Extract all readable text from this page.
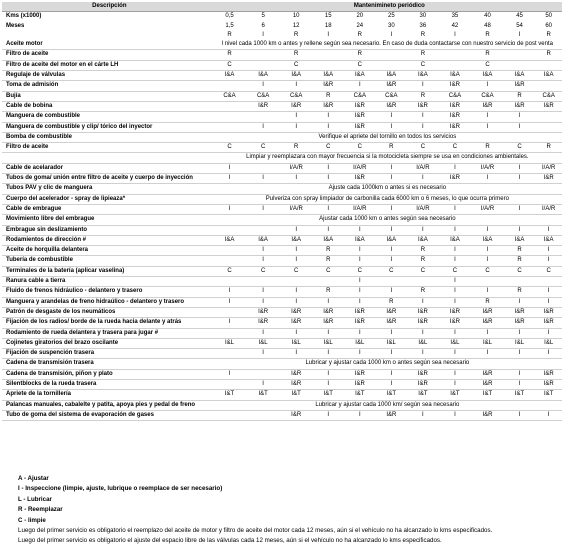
Descripción	Mantenimineto periódico										
Kms (x1000)	0,5	5	10	15	20	25	30	35	40	45	50
Meses	1,5	6	12	18	24	30	36	42	48	54	60
	R	I	R	I	R	I	R	I	R	I	R
Aceite motor	l nivel cada 1000 km o antes y rellene según sea necesario. En caso de duda contactarse con nuestro servicio de post venta										
Filtro de aceite	R		R		R		R		R		R
Filtro de aceite del motor en el cárte LH	C		C		C		C		C		
Regulaje de válvulas	I&A	I&A	I&A	I&A	I&A	I&A	I&A	I&A	I&A	I&A	I&A
Toma de admisión		I	I	I&R	I	I&R	I	I&R	I	I&R	
Bujía	C&A	C&A	C&A	R	C&A	C&A	R	C&A	C&A	R	C&A
Cable de bobina		I&R	I&R	I&R	I&R	I&R	I&R	I&R	I&R	I&R	I&R
Manguera de combustible			I	I	I&R	I	I	I&R	I	I	
Manguera de combustible y clip/ tórico del inyector		I	I	I	I&R	I	I	I&R	I	I	
Bomba de combustible	Verifique el apriete del tornillo en todos los servicios										
Filtro de aceite	C	C	R	C	C	R	C	C	R	C	R
	Limpiar y reemplazara con mayor frecuencia si la motocicleta siempre se usa en condiciones ambientales.										
Cable de acelarador	I		I/A/R	I	I/A/R	I	I/A/R	I	I/A/R	I	I/A/R
Tubos de goma/ unión entre filtro de aceite y cuerpo de inyección	I	I	I	I	I&R	I	I	I&R	I	I	I&R
Tubos PAV y clic de manguera	Ajuste cada 1000km o antes si es necesario										
Cuerpo del acelerador - spray de lipieaza*	Pulveriza con spray limpiador de carbonilla cada 6000 km o 6 meses, lo que ocurra primero										
Cable de embrague	I	I	I/A/R	I	I/A/R	I	I/A/R	I	I/A/R	I	I/A/R
Movimiento libre del embrague	Ajustar cada 1000 km o antes según sea necesario										
Embrague sin deslizamiento			I	I	I	I	I	I	I	I	I
Rodamientos de dirección #	I&A	I&A	I&A	I&A	I&A	I&A	I&A	I&A	I&A	I&A	I&A
Aceite de horquilla delantera		I	I	R	I	I	R	I	I	R	I
Tubería de combustible		I	I	R	I	I	R	I	I	R	I
Terminales de la batería (aplicar vaselina)	C	C	C	C	C	C	C	C	C	C	C
Ranura cable a tierra					I			I			
Fluido de frenos hidráulico - delantero y trasero	I	I	I	R	I	I	R	I	I	R	I
Manguera y arandelas de freno hidraúlico - delantero y trasero	I	I	I	I	I	R	I	I	R	I	I
Patrón de desgaste de los neumáticos		I&R	I&R	I&R	I&R	I&R	I&R	I&R	I&R	I&R	I&R
Fijación de los radios/ borde de la rueda hacia delante y atrás	I	I&R	I&R	I&R	I&R	I&R	I&R	I&R	I&R	I&R	I&R
Rodamiento de rueda delantera y trasera para jugar #		I	I	I	I	I	I	I	I	I	I
Cojinetes giratorios del brazo oscilante	I&L	I&L	I&L	I&L	I&L	I&L	I&L	I&L	I&L	I&L	I&L
Fijación de suspención trasera		I	I	I	I	I	I	I	I	I	I
Cadena de transmisión trasera	Lubricar y ajustar cada 1000 km o antes según sea necesario										
Cadena de transmisión, piñon y plato	I		I&R	I	I&R	I	I&R	I	I&R	I	I&R
Silentblocks de la rueda trasera		I	I&R	I	I&R	I	I&R	I	I&R	I	I&R
Apriete de la tornillería	I&T	I&T	I&T	I&T	I&T	I&T	I&T	I&T	I&T	I&T	I&T
Palancas manuales, cabalelte y patita, apoya pies y pedal de freno	Lubricar y ajustar cada 1000 km/ según sea necesario										
Tubo de goma del sistema de evaporación de gases			I&R	I	I	I&R	I	I	I&R	I	I
A - Ajustar
I - Inspeccione (limpie, ajuste, lubrique o reemplace de ser necesario)
L - Lubricar
R - Reemplazar
C - limpie
Luego del primer servicio es obligatorio el reemplazo del aceite de motor y filtro de aceite del motor cada 12 meses, aún si el vehículo no ha alcanzado lo kms especificados.
Luego del primer servicio es obligatorio el ajuste del espacio libre de las válvulas cada 12 meses, aún si el vehículo no ha alcanzado lo kms especificados.
